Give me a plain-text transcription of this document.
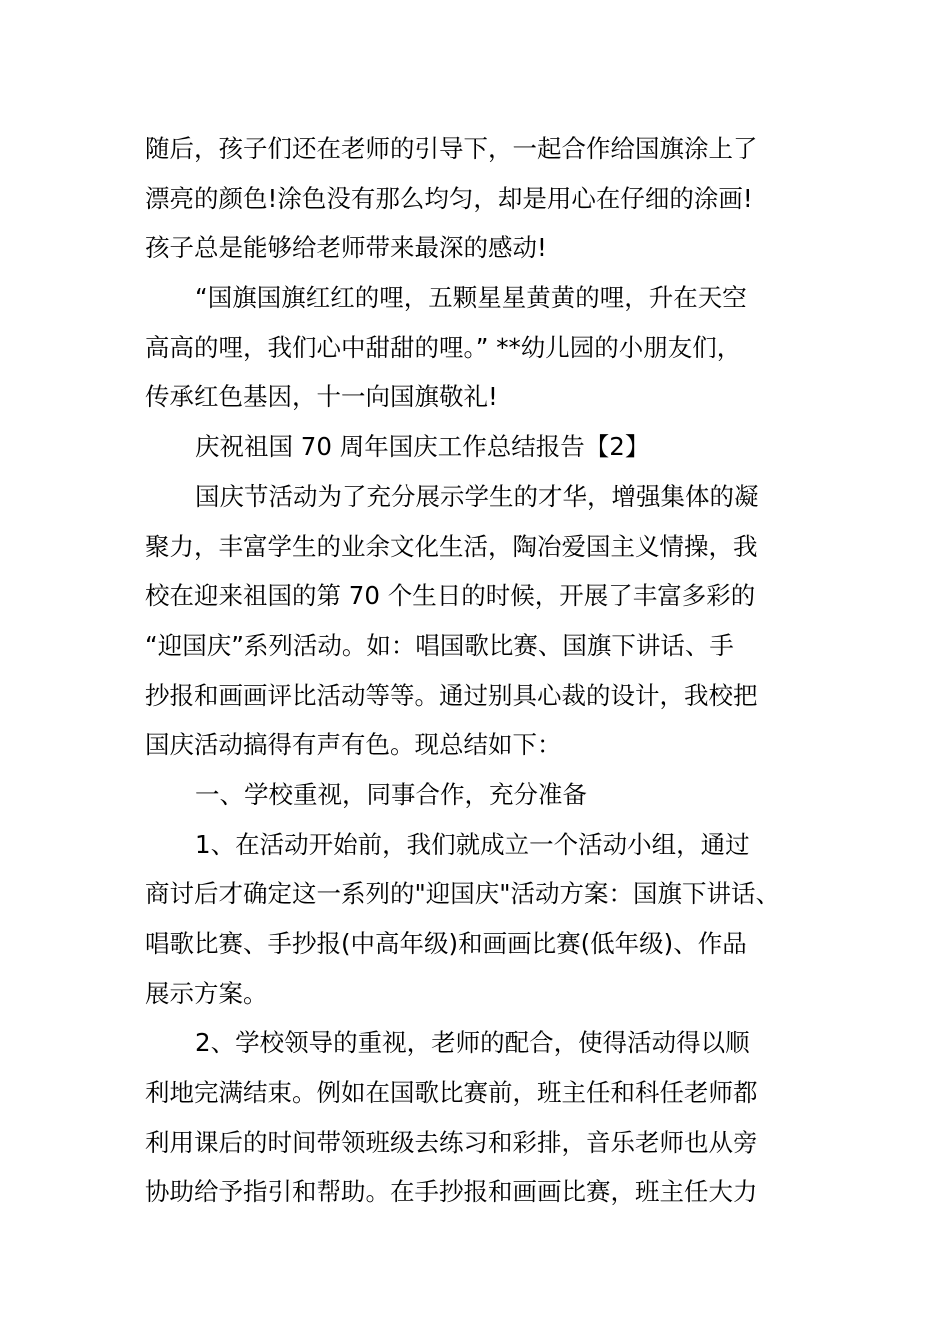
随后，孩子们还在老师的引导下，一起合作给国旗涂上了
漂亮的颜色!涂色没有那么均匀，却是用心在仔细的涂画!
孩子总是能够给老师带来最深的感动!
“国旗国旗红红的哩，五颗星星黄黄的哩，升在天空
高高的哩，我们心中甜甜的哩。” **幼儿园的小朋友们，
传承红色基因，十一向国旗敬礼!
庆祝祖国 70 周年国庆工作总结报告【2】
国庆节活动为了充分展示学生的才华，增强集体的凝
聚力，丰富学生的业余文化生活，陶冶爱国主义情操，我
校在迎来祖国的第 70 个生日的时候，开展了丰富多彩的
“迎国庆”系列活动。如：唱国歌比赛、国旗下讲话、手
抄报和画画评比活动等等。通过别具心裁的设计，我校把
国庆活动搞得有声有色。现总结如下：
一、学校重视，同事合作，充分准备
1、在活动开始前，我们就成立一个活动小组，通过
商讨后才确定这一系列的"迎国庆"活动方案：国旗下讲话、
唱歌比赛、手抄报(中高年级)和画画比赛(低年级)、作品
展示方案。
2、学校领导的重视，老师的配合，使得活动得以顺
利地完满结束。例如在国歌比赛前，班主任和科任老师都
利用课后的时间带领班级去练习和彩排，音乐老师也从旁
协助给予指引和帮助。在手抄报和画画比赛，班主任大力
